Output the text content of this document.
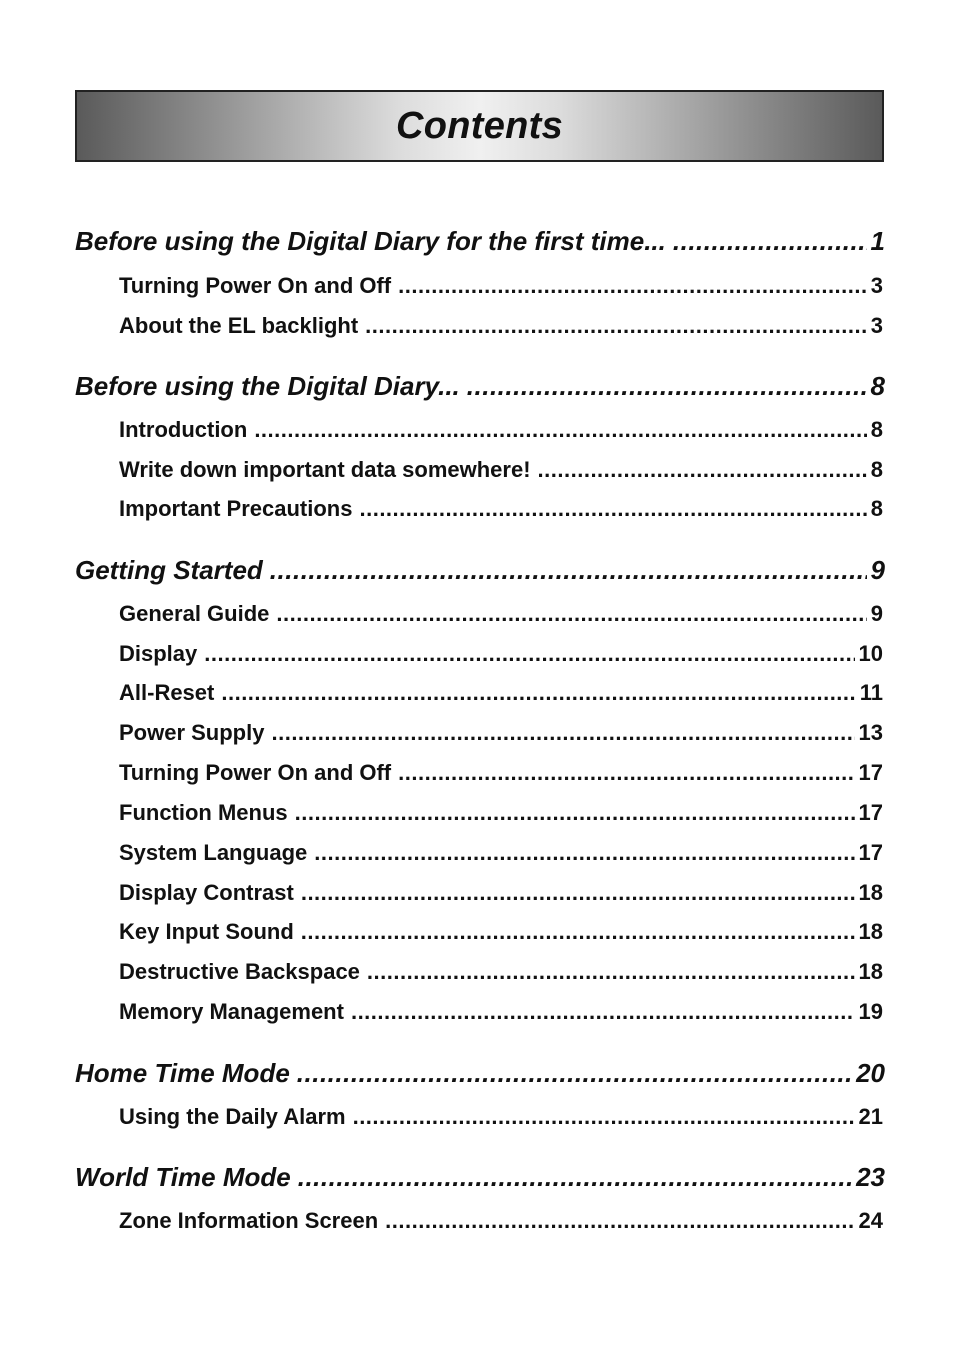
Contents
Before using the Digital Diary for the first time... .....	1
Turning Power On and Off .....	3
About the EL backlight .....	3
Before using the Digital Diary... .....	8
Introduction .....	8
Write down important data somewhere! .....	8
Important Precautions .....	8
Getting Started .....	9
General Guide .....	9
Display .....	10
All-Reset .....	11
Power Supply .....	13
Turning Power On and Off .....	17
Function Menus .....	17
System Language .....	17
Display Contrast .....	18
Key Input Sound .....	18
Destructive Backspace .....	18
Memory Management .....	19
Home Time Mode .....	20
Using the Daily Alarm .....	21
World Time Mode .....	23
Zone Information Screen .....	24
